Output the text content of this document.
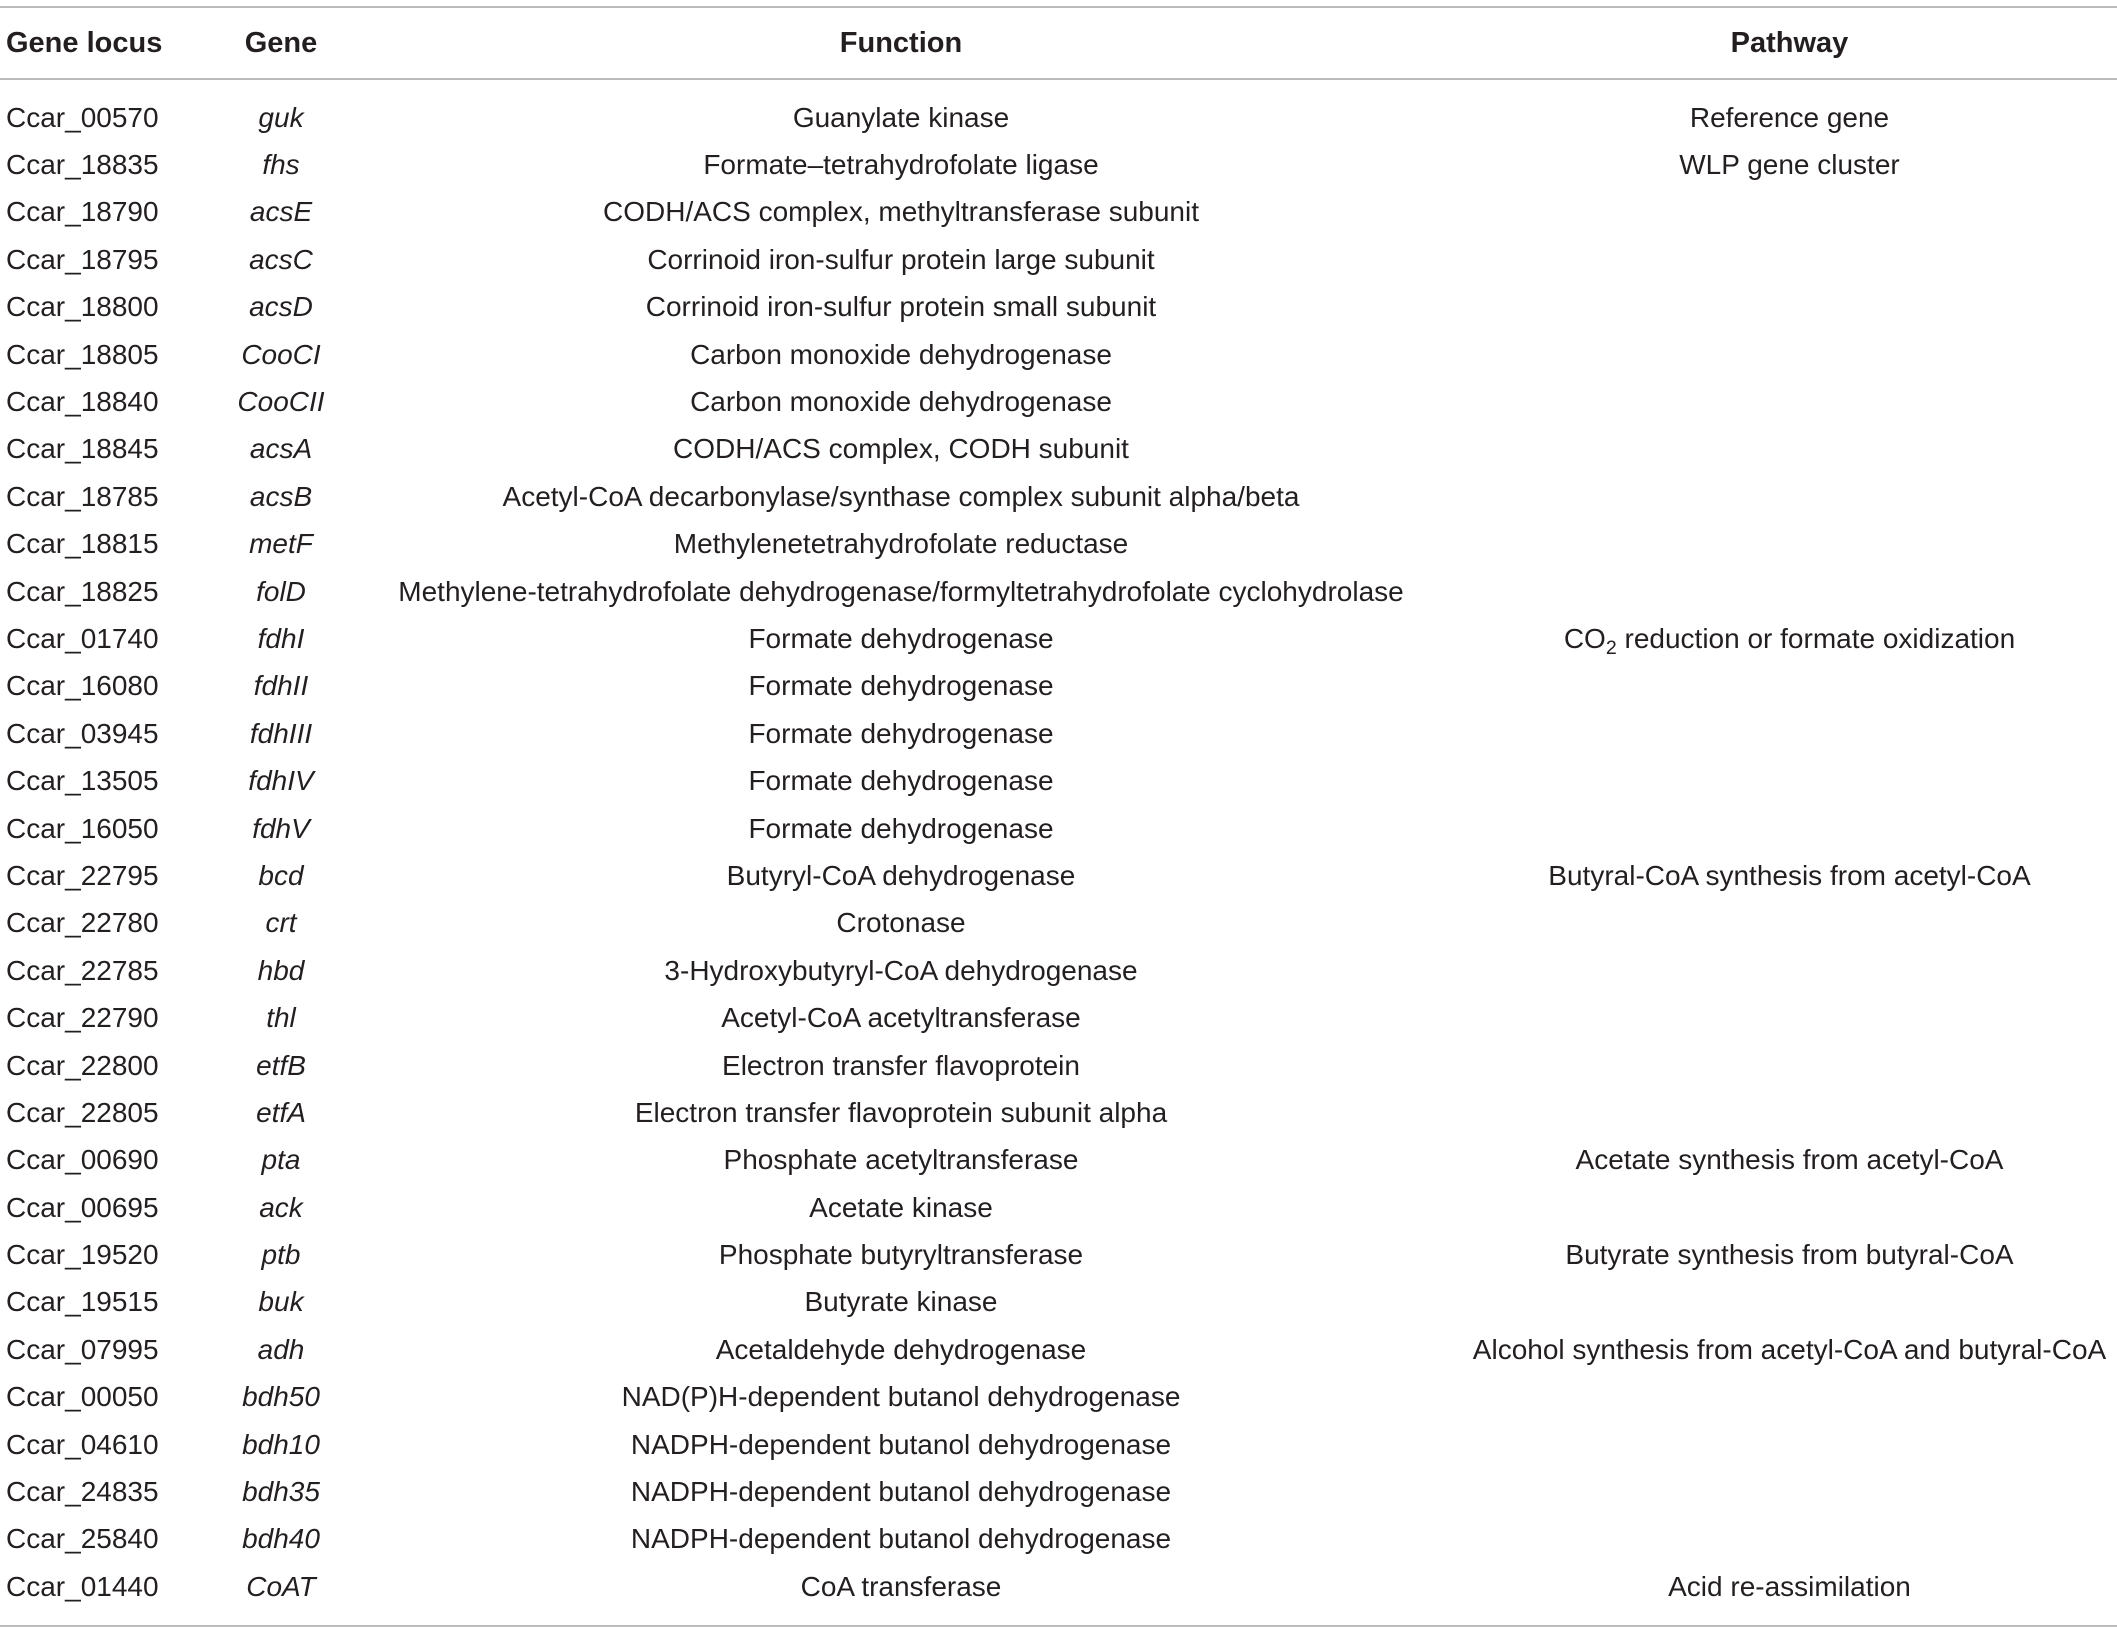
Gene locus	Gene	Function	Pathway
Ccar_00570	guk	Guanylate kinase	Reference gene
Ccar_18835	fhs	Formate–tetrahydrofolate ligase	WLP gene cluster
Ccar_18790	acsE	CODH/ACS complex, methyltransferase subunit	
Ccar_18795	acsC	Corrinoid iron-sulfur protein large subunit	
Ccar_18800	acsD	Corrinoid iron-sulfur protein small subunit	
Ccar_18805	CooCI	Carbon monoxide dehydrogenase	
Ccar_18840	CooCII	Carbon monoxide dehydrogenase	
Ccar_18845	acsA	CODH/ACS complex, CODH subunit	
Ccar_18785	acsB	Acetyl-CoA decarbonylase/synthase complex subunit alpha/beta	
Ccar_18815	metF	Methylenetetrahydrofolate reductase	
Ccar_18825	folD	Methylene-tetrahydrofolate dehydrogenase/formyltetrahydrofolate cyclohydrolase	
Ccar_01740	fdhI	Formate dehydrogenase	$CO_2$ reduction or formate oxidization
Ccar_16080	fdhII	Formate dehydrogenase	
Ccar_03945	fdhIII	Formate dehydrogenase	
Ccar_13505	fdhIV	Formate dehydrogenase	
Ccar_16050	fdhV	Formate dehydrogenase	
Ccar_22795	bcd	Butyryl-CoA dehydrogenase	Butyral-CoA synthesis from acetyl-CoA
Ccar_22780	crt	Crotonase	
Ccar_22785	hbd	3-Hydroxybutyryl-CoA dehydrogenase	
Ccar_22790	thl	Acetyl-CoA acetyltransferase	
Ccar_22800	etfB	Electron transfer flavoprotein	
Ccar_22805	etfA	Electron transfer flavoprotein subunit alpha	
Ccar_00690	pta	Phosphate acetyltransferase	Acetate synthesis from acetyl-CoA
Ccar_00695	ack	Acetate kinase	
Ccar_19520	ptb	Phosphate butyryltransferase	Butyrate synthesis from butyral-CoA
Ccar_19515	buk	Butyrate kinase	
Ccar_07995	adh	Acetaldehyde dehydrogenase	Alcohol synthesis from acetyl-CoA and butyral-CoA
Ccar_00050	bdh50	NAD(P)H-dependent butanol dehydrogenase	
Ccar_04610	bdh10	NADPH-dependent butanol dehydrogenase	
Ccar_24835	bdh35	NADPH-dependent butanol dehydrogenase	
Ccar_25840	bdh40	NADPH-dependent butanol dehydrogenase	
Ccar_01440	CoAT	CoA transferase	Acid re-assimilation
